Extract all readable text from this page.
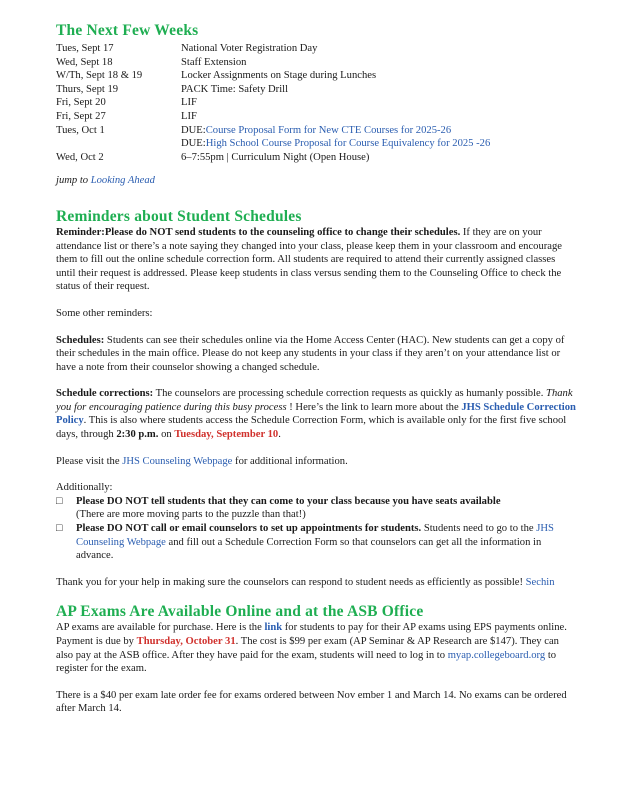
The Next Few Weeks
Tues, Sept 17	National Voter Registration Day
Wed, Sept 18	Staff Extension
W/Th, Sept 18 & 19	Locker Assignments on Stage during Lunches
Thurs, Sept 19	PACK Time: Safety Drill
Fri, Sept 20	LIF
Fri, Sept 27	LIF
Tues, Oct 1	DUE:Course Proposal Form for New CTE Courses for 2025-26
DUE:High School Course Proposal for Course Equivalency for 2025 -26
Wed, Oct 2	6–7:55pm | Curriculum Night (Open House)

jump to Looking Ahead

Reminders about Student Schedules

Reminder:Please do NOT send students to the counseling office to change their schedules. If they are on your attendance list or there’s a note saying they changed into your class, please keep them in your classroom and encourage them to fill out the online schedule correction form. All students are required to attend their currently assigned classes until their request is addressed. Please keep students in class versus sending them to the Counseling Office to check the status of their request.

Some other reminders:

Schedules: Students can see their schedules online via the Home Access Center (HAC). New students can get a copy of their schedules in the main office. Please do not keep any students in your class if they aren’t on your attendance list or have a note from their counselor showing a changed schedule.

Schedule corrections: The counselors are processing schedule correction requests as quickly as humanly possible. Thank you for encouraging patience during this busy process ! Here’s the link to learn more about the JHS Schedule Correction Policy. This is also where students access the Schedule Correction Form, which is available only for the first five school days, through 2:30 p.m. on Tuesday, September 10.

Please visit the JHS Counseling Webpage for additional information.

Additionally:

□	Please DO NOT tell students that they can come to your class because you have seats available
(There are more moving parts to the puzzle than that!)
□	Please DO NOT call or email counselors to set up appointments for students. Students need to go to the JHS Counseling Webpage and fill out a Schedule Correction Form so that counselors can get all the information in advance.

Thank you for your help in making sure the counselors can respond to student needs as efficiently as possible! Sechin

AP Exams Are Available Online and at the ASB Office

AP exams are available for purchase. Here is the link for students to pay for their AP exams using EPS payments online. Payment is due by Thursday, October 31. The cost is $99 per exam (AP Seminar & AP Research are $147). They can also pay at the ASB office. After they have paid for the exam, students will need to log in to myap.collegeboard.org to register for the exam.

There is a $40 per exam late order fee for exams ordered between Nov ember 1 and March 14. No exams can be ordered after March 14.
